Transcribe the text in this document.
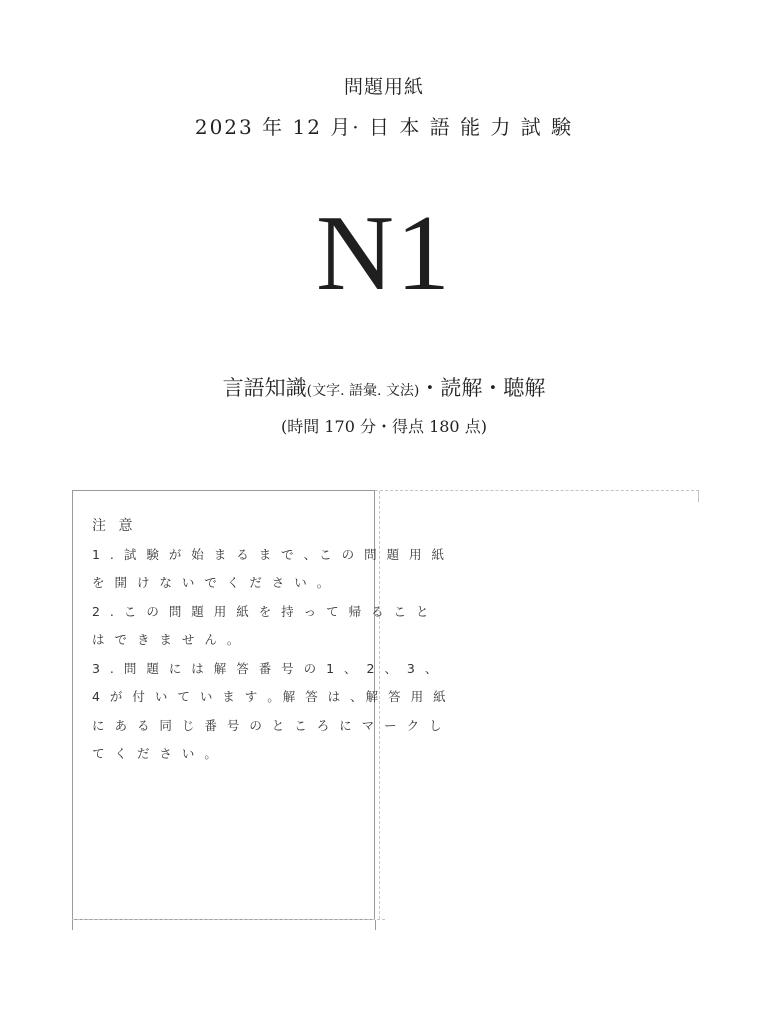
問題用紙
2023 年 12 月· 日 本 語 能 力 試 験
N1
言語知識(文字. 語彙. 文法)・読解・聴解
(時間 170 分・得点 180 点)
注 意
1 . 試 験 が 始 ま る ま で 、こ の 問 題 用 紙
を 開 け な い で く だ さ い 。
2 . こ の 問 題 用 紙 を 持 っ て 帰 る こ と
は で き ま せ ん 。
3 . 問 題 に は 解 答 番 号 の 1 、 2 、 3 、
4 が 付 い て い ま す 。解 答 は 、解 答 用 紙
に あ る 同 じ 番 号 の と こ ろ に マ ー ク し
て く だ さ い 。
